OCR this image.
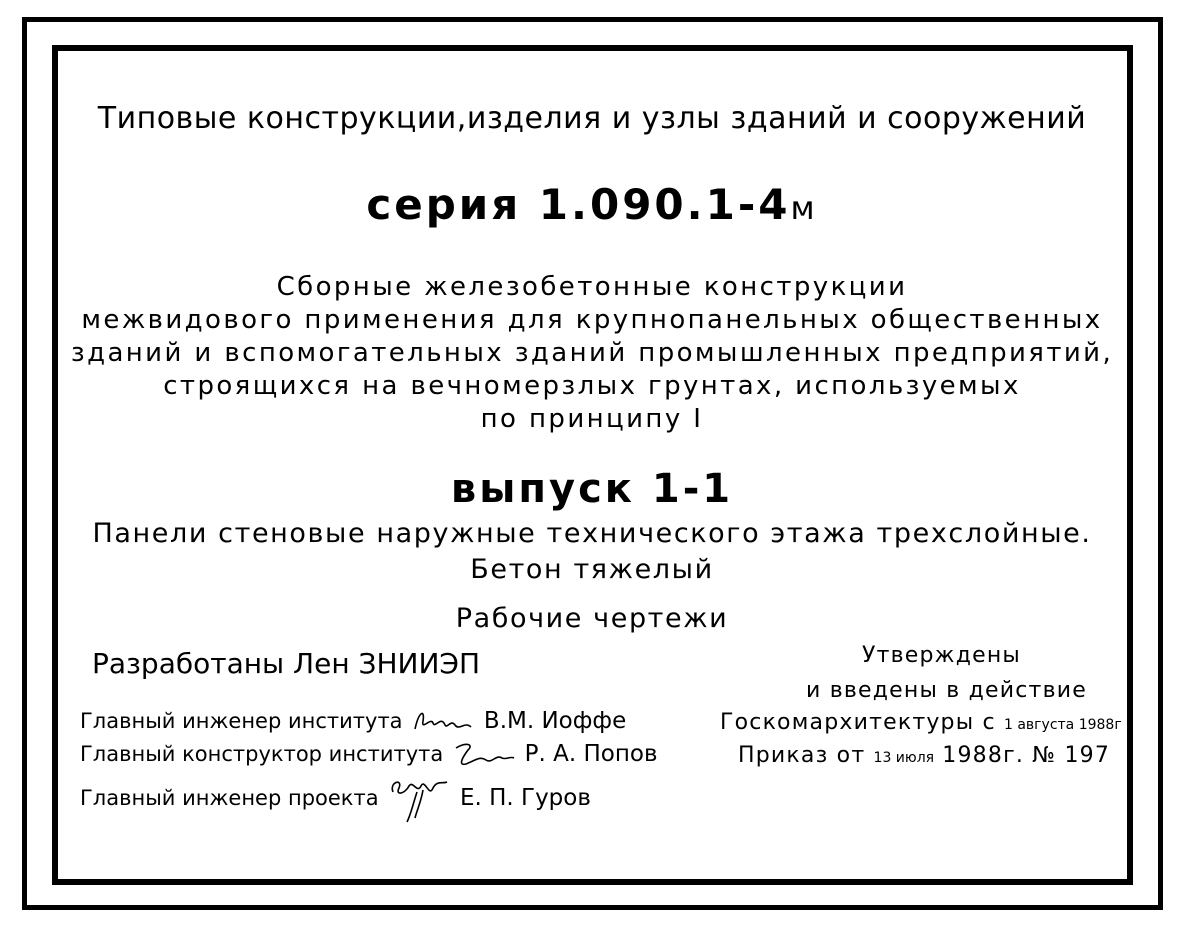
Типовые конструкции,изделия и узлы зданий и сооружений
серия 1.090.1-4м
Сборные железобетонные конструкции
межвидового применения для крупнопанельных общественных
зданий и вспомогательных зданий промышленных предприятий,
строящихся на вечномерзлых грунтах, используемых
по принципу I
выпуск 1-1
Панели стеновые наружные технического этажа трехслойные.
Бетон тяжелый
Рабочие чертежи
Разработаны Лен ЗНИИЭП
Главный инженер института	В.М. Иоффе
Главный конструктор института	Р. А. Попов
Главный инженер проекта	Е. П. Гуров
Утверждены
и введены в действие
Госкомархитектуры с 1 августа 1988г
Приказ от 13 июля 1988г. № 197
